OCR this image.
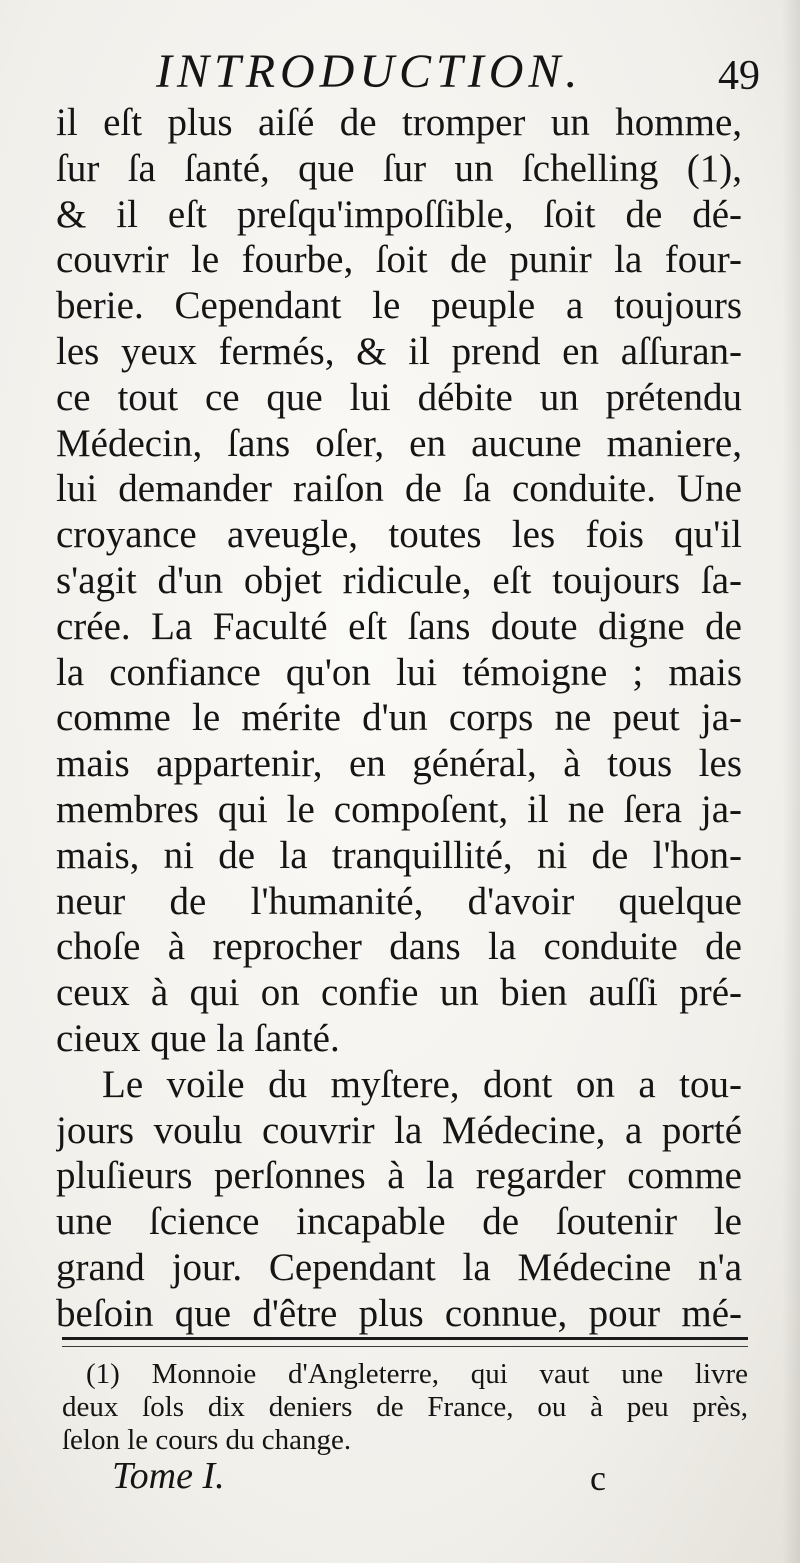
INTRODUCTION.	49
il eſt plus aiſé de tromper un homme,
ſur ſa ſanté, que ſur un ſchelling (1),
& il eſt preſqu'impoſſible, ſoit de dé-
couvrir le fourbe, ſoit de punir la four-
berie. Cependant le peuple a toujours
les yeux fermés, & il prend en aſſuran-
ce tout ce que lui débite un prétendu
Médecin, ſans oſer, en aucune maniere,
lui demander raiſon de ſa conduite. Une
croyance aveugle, toutes les fois qu'il
s'agit d'un objet ridicule, eſt toujours ſa-
crée. La Faculté eſt ſans doute digne de
la confiance qu'on lui témoigne ; mais
comme le mérite d'un corps ne peut ja-
mais appartenir, en général, à tous les
membres qui le compoſent, il ne ſera ja-
mais, ni de la tranquillité, ni de l'hon-
neur de l'humanité, d'avoir quelque
choſe à reprocher dans la conduite de
ceux à qui on confie un bien auſſi pré-
cieux que la ſanté.
Le voile du myſtere, dont on a tou-
jours voulu couvrir la Médecine, a porté
pluſieurs perſonnes à la regarder comme
une ſcience incapable de ſoutenir le
grand jour. Cependant la Médecine n'a
beſoin que d'être plus connue, pour mé-
(1) Monnoie d'Angleterre, qui vaut une livre
deux ſols dix deniers de France, ou à peu près,
ſelon le cours du change.
Tome I.	c
